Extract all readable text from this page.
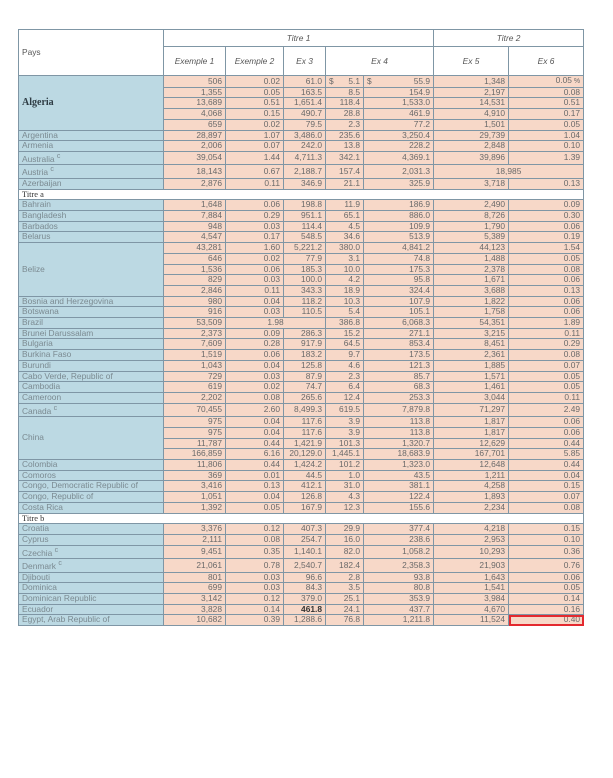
Pays	Titre 1					Titre 2	
	Exemple 1	Exemple 2	Ex 3	Ex 4		Ex 5	Ex 6
Algeria	506	0.02	61.0	$ 5.1	$ 55.9	1,348	0.05 %
	1,355	0.05	163.5	8.5	154.9	2,197	0.08
	13,689	0.51	1,651.4	118.4	1,533.0	14,531	0.51
	4,068	0.15	490.7	28.8	461.9	4,910	0.17
	659	0.02	79.5	2.3	77.2	1,501	0.05
Argentina	28,897	1.07	3,486.0	235.6	3,250.4	29,739	1.04
Armenia	2,006	0.07	242.0	13.8	228.2	2,848	0.10
Australia $^c$	39,054	1.44	4,711.3	342.1	4,369.1	39,896	1.39
Austria $^c$	18,143	0.67	2,188.7	157.4	2,031.3	18,985	
Azerbaijan	2,876	0.11	346.9	21.1	325.9	3,718	0.13
Titre a							
Bahrain	1,648	0.06	198.8	11.9	186.9	2,490	0.09
Bangladesh	7,884	0.29	951.1	65.1	886.0	8,726	0.30
Barbados	948	0.03	114.4	4.5	109.9	1,790	0.06
Belarus	4,547	0.17	548.5	34.6	513.9	5,389	0.19
Belize	43,281	1.60	5,221.2	380.0	4,841.2	44,123	1.54
	646	0.02	77.9	3.1	74.8	1,488	0.05
	1,536	0.06	185.3	10.0	175.3	2,378	0.08
	829	0.03	100.0	4.2	95.8	1,671	0.06
	2,846	0.11	343.3	18.9	324.4	3,688	0.13
Bosnia and Herzegovina	980	0.04	118.2	10.3	107.9	1,822	0.06
Botswana	916	0.03	110.5	5.4	105.1	1,758	0.06
Brazil	53,509	1.98		386.8	6,068.3	54,351	1.89
Brunei Darussalam	2,373	0.09	286.3	15.2	271.1	3,215	0.11
Bulgaria	7,609	0.28	917.9	64.5	853.4	8,451	0.29
Burkina Faso	1,519	0.06	183.2	9.7	173.5	2,361	0.08
Burundi	1,043	0.04	125.8	4.6	121.3	1,885	0.07
Cabo Verde, Republic of	729	0.03	87.9	2.3	85.7	1,571	0.05
Cambodia	619	0.02	74.7	6.4	68.3	1,461	0.05
Cameroon	2,202	0.08	265.6	12.4	253.3	3,044	0.11
Canada $^c$	70,455	2.60	8,499.3	619.5	7,879.8	71,297	2.49
China	975	0.04	117.6	3.9	113.8	1,817	0.06
	975	0.04	117.6	3.9	113.8	1,817	0.06
	11,787	0.44	1,421.9	101.3	1,320.7	12,629	0.44
	166,859	6.16	20,129.0	1,445.1	18,683.9	167,701	5.85
Colombia	11,806	0.44	1,424.2	101.2	1,323.0	12,648	0.44
Comoros	369	0.01	44.5	1.0	43.5	1,211	0.04
Congo, Democratic Republic of	3,416	0.13	412.1	31.0	381.1	4,258	0.15
Congo, Republic of	1,051	0.04	126.8	4.3	122.4	1,893	0.07
Costa Rica	1,392	0.05	167.9	12.3	155.6	2,234	0.08
Titre b							
Croatia	3,376	0.12	407.3	29.9	377.4	4,218	0.15
Cyprus	2,111	0.08	254.7	16.0	238.6	2,953	0.10
Czechia $^c$	9,451	0.35	1,140.1	82.0	1,058.2	10,293	0.36
Denmark $^c$	21,061	0.78	2,540.7	182.4	2,358.3	21,903	0.76
Djibouti	801	0.03	96.6	2.8	93.8	1,643	0.06
Dominica	699	0.03	84.3	3.5	80.8	1,541	0.05
Dominican Republic	3,142	0.12	379.0	25.1	353.9	3,984	0.14
Ecuador	3,828	0.14	461.8	24.1	437.7	4,670	0.16
Egypt, Arab Republic of	10,682	0.39	1,288.6	76.8	1,211.8	11,524	0.40
